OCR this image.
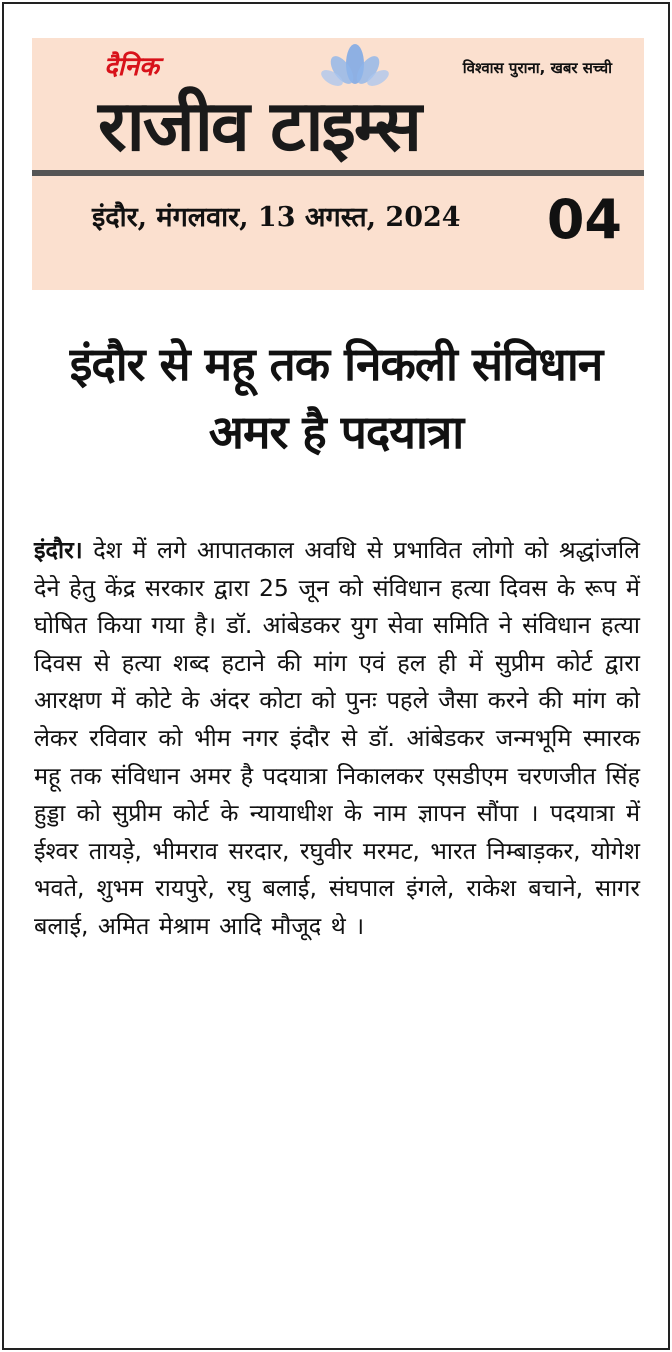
दैनिक	विश्वास पुराना, खबर सच्ची
राजीव टाइम्स
इंदौर, मंगलवार, 13 अगस्त, 2024 04
इंदौर से महू तक निकली संविधान अमर है पदयात्रा
इंदौर। देश में लगे आपातकाल अवधि से प्रभावित लोगो को श्रद्धांजलि देने हेतु केंद्र सरकार द्वारा 25 जून को संविधान हत्या दिवस के रूप में घोषित किया गया है। डॉ. आंबेडकर युग सेवा समिति ने संविधान हत्या दिवस से हत्या शब्द हटाने की मांग एवं हल ही में सुप्रीम कोर्ट द्वारा आरक्षण में कोटे के अंदर कोटा को पुनः पहले जैसा करने की मांग को लेकर रविवार को भीम नगर इंदौर से डॉ. आंबेडकर जन्मभूमि स्मारक महू तक संविधान अमर है पदयात्रा निकालकर एसडीएम चरणजीत सिंह हुड्डा को सुप्रीम कोर्ट के न्यायाधीश के नाम ज्ञापन सौंपा । पदयात्रा में ईश्वर तायड़े, भीमराव सरदार, रघुवीर मरमट, भारत निम्बाड़कर, योगेश भवते, शुभम रायपुरे, रघु बलाई, संघपाल इंगले, राकेश बचाने, सागर बलाई, अमित मेश्राम आदि मौजूद थे ।
